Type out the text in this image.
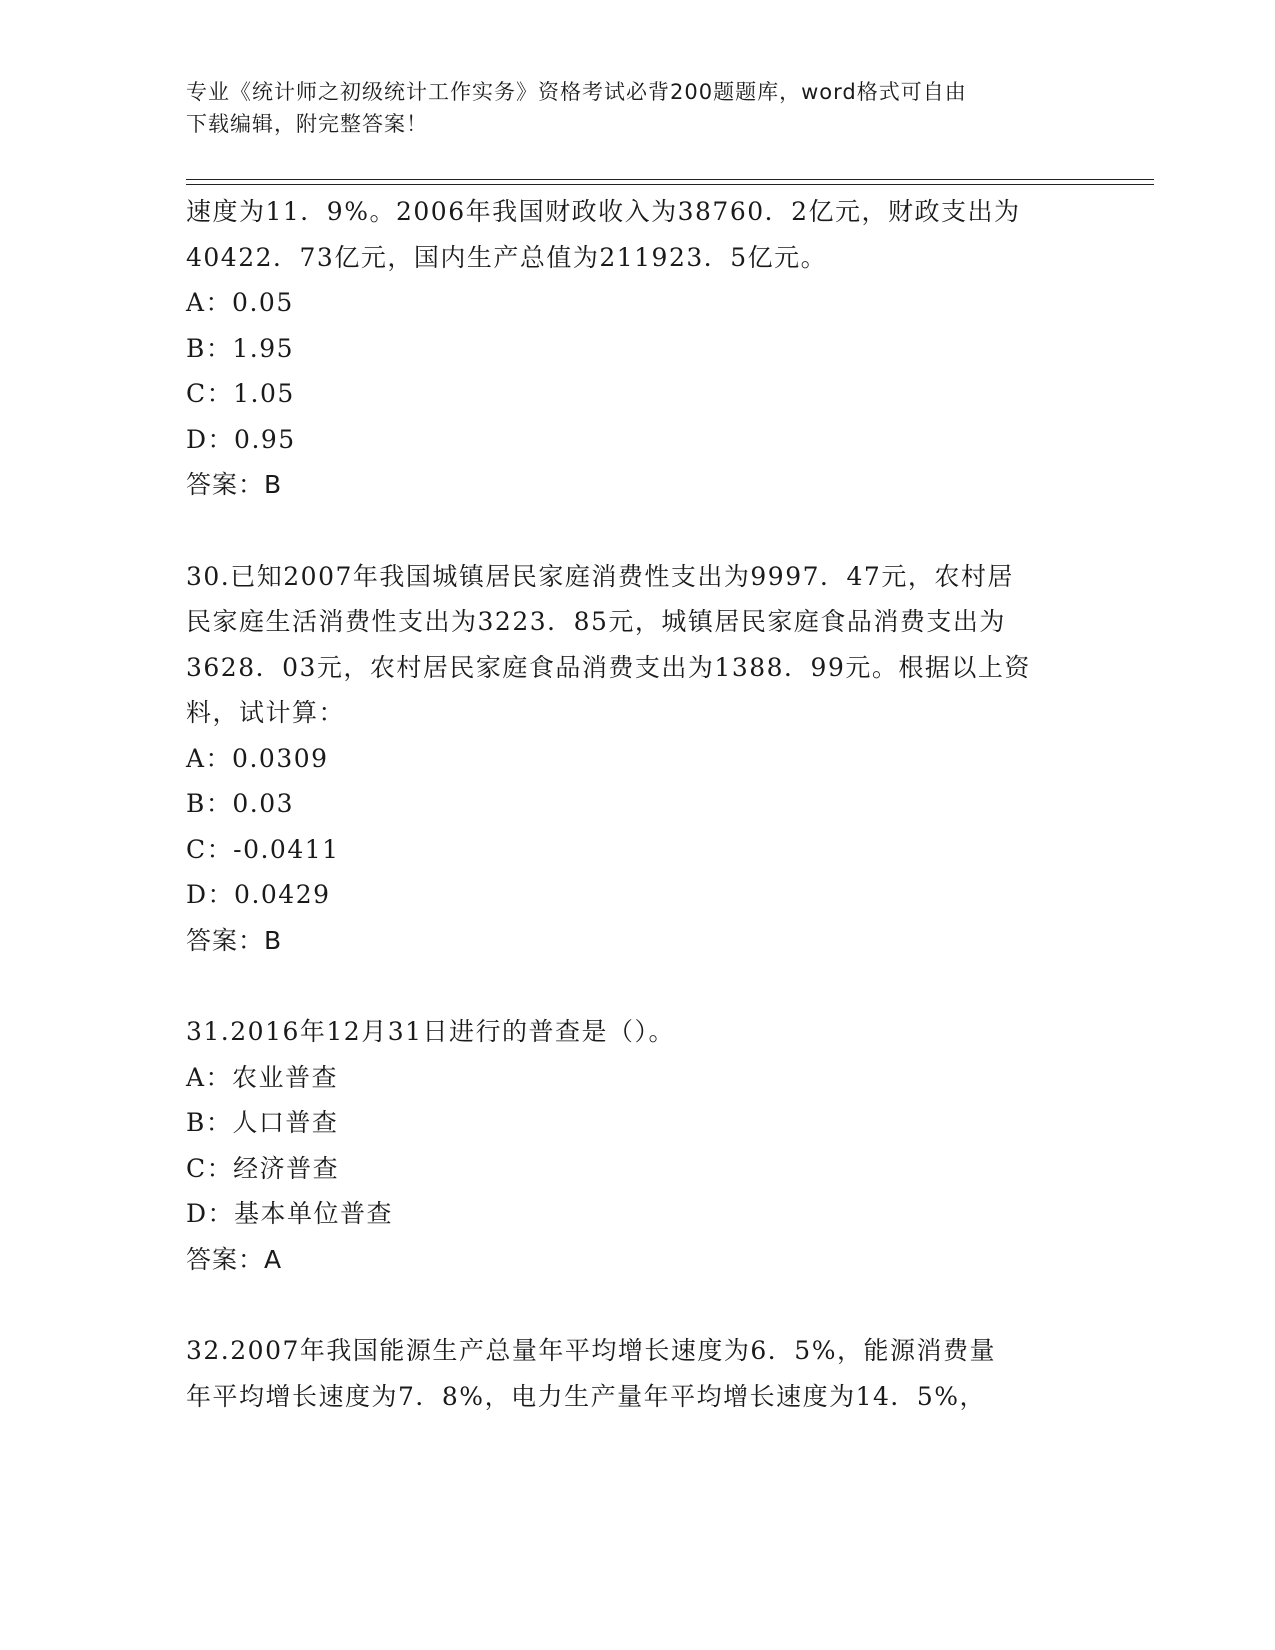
专业《统计师之初级统计工作实务》资格考试必背200题题库，word格式可自由
下载编辑，附完整答案！
速度为11．9%。2006年我国财政收入为38760．2亿元，财政支出为
40422．73亿元，国内生产总值为211923．5亿元。
A：0.05
B：1.95
C：1.05
D：0.95
答案：B
30.已知2007年我国城镇居民家庭消费性支出为9997．47元，农村居
民家庭生活消费性支出为3223．85元，城镇居民家庭食品消费支出为
3628．03元，农村居民家庭食品消费支出为1388．99元。根据以上资
料，试计算：
A：0.0309
B：0.03
C：-0.0411
D：0.0429
答案：B
31.2016年12月31日进行的普查是（）。
A：农业普查
B：人口普查
C：经济普查
D：基本单位普查
答案：A
32.2007年我国能源生产总量年平均增长速度为6．5%，能源消费量
年平均增长速度为7．8%，电力生产量年平均增长速度为14．5%，
